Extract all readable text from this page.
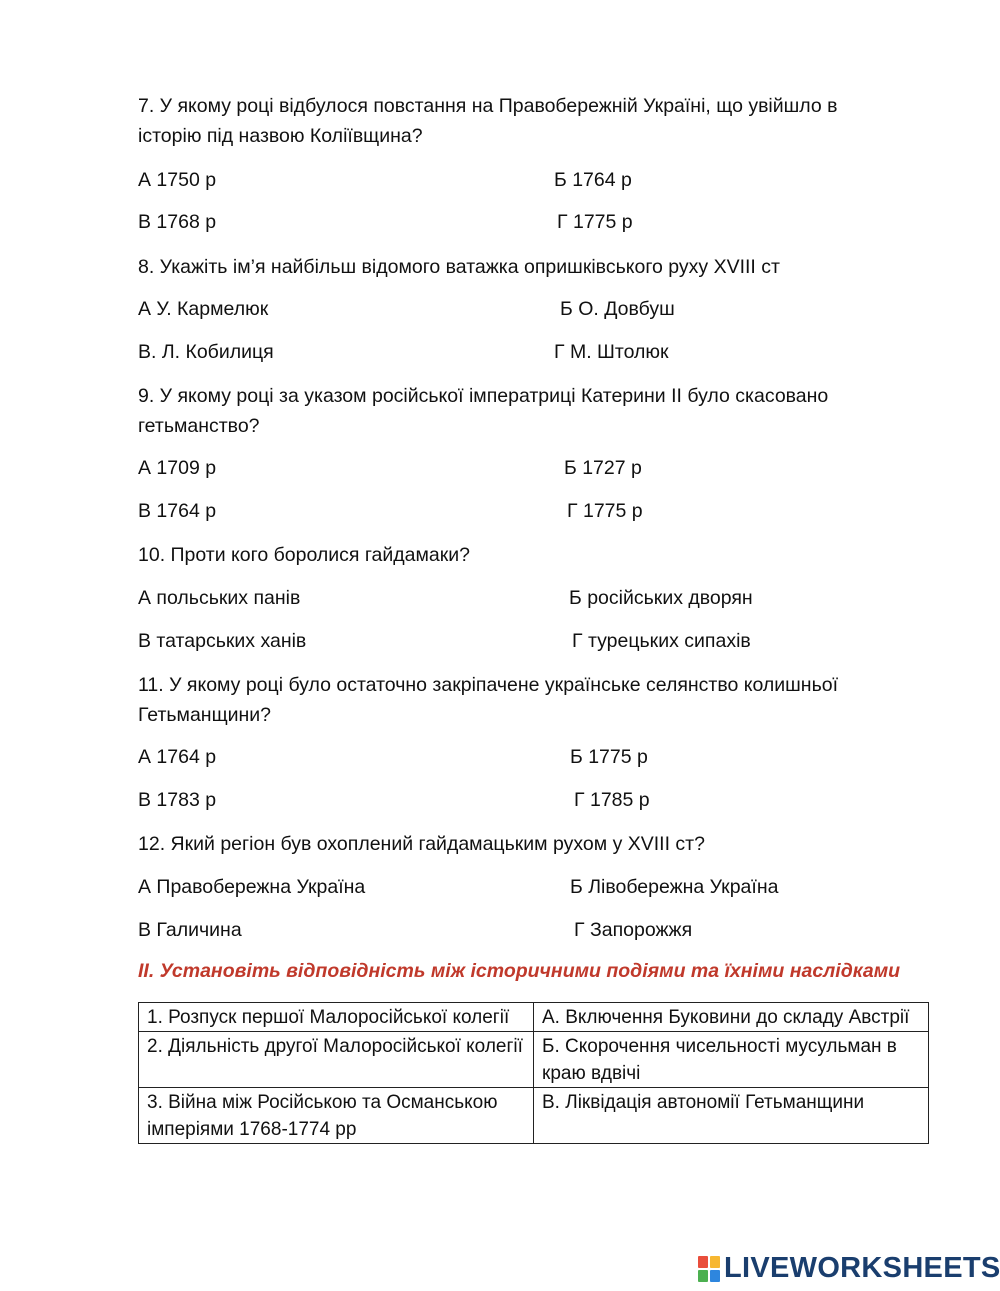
7. У якому році відбулося повстання на Правобережній Україні, що увійшло в історію під назвою Коліївщина?
А 1750 р	Б 1764 р
В 1768 р	Г 1775 р
8. Укажіть ім’я найбільш відомого ватажка опришківського руху XVIII ст
А У. Кармелюк	Б О. Довбуш
В. Л. Кобилиця	Г М. Штолюк
9. У якому році за указом російської імператриці Катерини II було скасовано гетьманство?
А 1709 р	Б 1727 р
В 1764 р	Г 1775 р
10. Проти кого боролися гайдамаки?
А польських панів	Б російських дворян
В татарських ханів	Г турецьких сипахів
11. У якому році було остаточно закріпачене українське селянство колишньої Гетьманщини?
А 1764 р	Б 1775 р
В 1783 р	Г 1785 р
12. Який регіон був охоплений гайдамацьким рухом у XVIII ст?
А Правобережна Україна	Б Лівобережна Україна
В Галичина	Г Запорожжя
II. Установіть відповідність між історичними подіями та їхніми наслідками
1. Розпуск першої Малоросійської колегії	А. Включення Буковини до складу Австрії
2. Діяльність другої Малоросійської колегії	Б. Скорочення чисельності мусульман в краю вдвічі
3. Війна між Російською та Османською імперіями 1768-1774 рр	В. Ліквідація автономії Гетьманщини
LIVEWORKSHEETS
